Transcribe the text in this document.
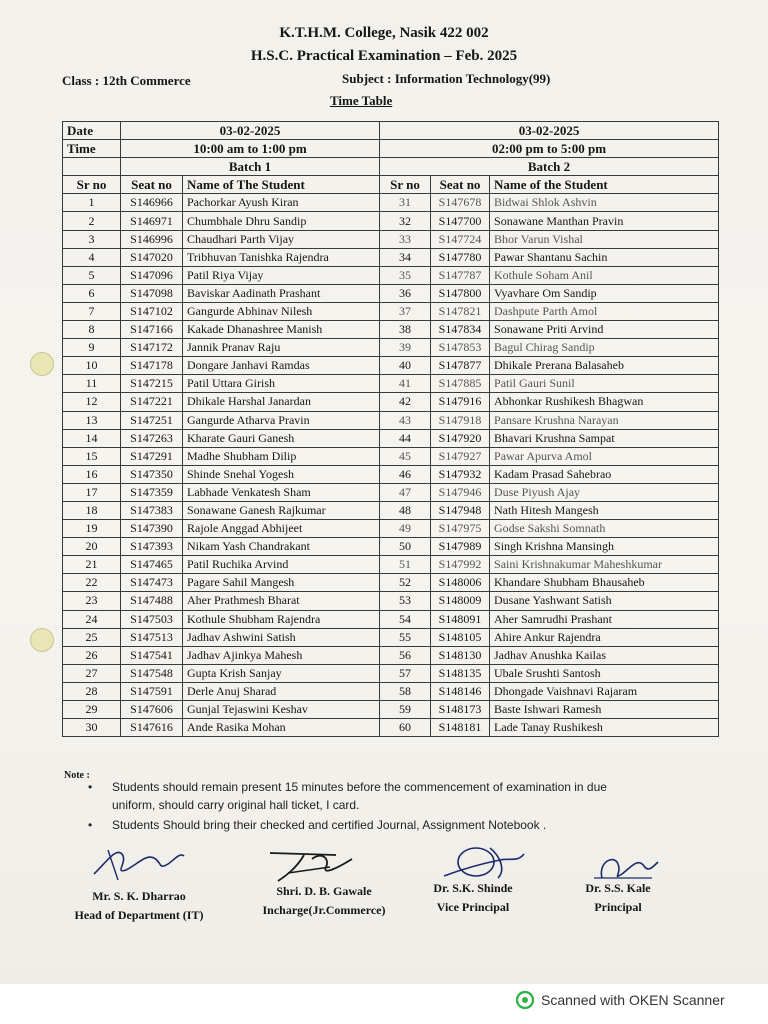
K.T.H.M. College, Nasik 422 002
H.S.C. Practical Examination – Feb. 2025
Class : 12th Commerce	Subject : Information Technology(99)
Time Table
Date	03-02-2025		03-02-2025		
Time	10:00 am to 1:00 pm		02:00 pm to 5:00 pm		
	Batch 1		Batch 2		
Sr no	Seat no	Name of The Student	Sr no	Seat no	Name of the Student
1	S146966	Pachorkar Ayush Kiran	31	S147678	Bidwai Shlok Ashvin
2	S146971	Chumbhale Dhru Sandip	32	S147700	Sonawane Manthan Pravin
3	S146996	Chaudhari Parth Vijay	33	S147724	Bhor Varun Vishal
4	S147020	Tribhuvan Tanishka Rajendra	34	S147780	Pawar Shantanu Sachin
5	S147096	Patil Riya Vijay	35	S147787	Kothule Soham Anil
6	S147098	Baviskar Aadinath Prashant	36	S147800	Vyavhare Om Sandip
7	S147102	Gangurde Abhinav Nilesh	37	S147821	Dashpute Parth Amol
8	S147166	Kakade Dhanashree Manish	38	S147834	Sonawane Priti Arvind
9	S147172	Jannik Pranav Raju	39	S147853	Bagul Chirag Sandip
10	S147178	Dongare Janhavi Ramdas	40	S147877	Dhikale Prerana Balasaheb
11	S147215	Patil Uttara Girish	41	S147885	Patil Gauri Sunil
12	S147221	Dhikale Harshal Janardan	42	S147916	Abhonkar Rushikesh Bhagwan
13	S147251	Gangurde Atharva Pravin	43	S147918	Pansare Krushna Narayan
14	S147263	Kharate Gauri Ganesh	44	S147920	Bhavari Krushna Sampat
15	S147291	Madhe Shubham Dilip	45	S147927	Pawar Apurva Amol
16	S147350	Shinde Snehal Yogesh	46	S147932	Kadam Prasad Sahebrao
17	S147359	Labhade Venkatesh Sham	47	S147946	Duse Piyush Ajay
18	S147383	Sonawane Ganesh Rajkumar	48	S147948	Nath Hitesh Mangesh
19	S147390	Rajole Anggad Abhijeet	49	S147975	Godse Sakshi Somnath
20	S147393	Nikam Yash Chandrakant	50	S147989	Singh Krishna Mansingh
21	S147465	Patil Ruchika Arvind	51	S147992	Saini Krishnakumar Maheshkumar
22	S147473	Pagare Sahil Mangesh	52	S148006	Khandare Shubham Bhausaheb
23	S147488	Aher Prathmesh Bharat	53	S148009	Dusane Yashwant Satish
24	S147503	Kothule Shubham Rajendra	54	S148091	Aher Samrudhi Prashant
25	S147513	Jadhav Ashwini Satish	55	S148105	Ahire Ankur Rajendra
26	S147541	Jadhav Ajinkya Mahesh	56	S148130	Jadhav Anushka Kailas
27	S147548	Gupta Krish Sanjay	57	S148135	Ubale Srushti Santosh
28	S147591	Derle Anuj Sharad	58	S148146	Dhongade Vaishnavi Rajaram
29	S147606	Gunjal Tejaswini Keshav	59	S148173	Baste Ishwari Ramesh
30	S147616	Ande Rasika Mohan	60	S148181	Lade Tanay Rushikesh
Note :
• Students should remain present 15 minutes before the commencement of examination in due
uniform, should carry original hall ticket, I card.
• Students Should bring their checked and certified Journal, Assignment Notebook .
Mr. S. K. Dharrao
Head of Department (IT)
Shri. D. B. Gawale
Incharge(Jr.Commerce)
Dr. S.K. Shinde
Vice Principal
Dr. S.S. Kale
Principal
Scanned with OKEN Scanner
